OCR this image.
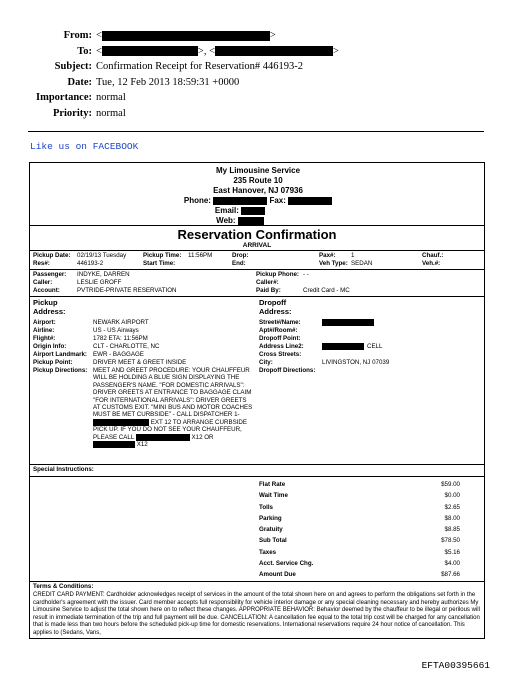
From: <	>
To: <	>, <	>
Subject: Confirmation Receipt for Reservation# 446193-2
Date: Tue, 12 Feb 2013 18:59:31 +0000
Importance: normal
Priority: normal
Like us on FACEBOOK
My Limousine Service
235 Route 10
East Hanover, NJ 07936
Phone:	Fax:
Email:
Web:
Reservation Confirmation
ARRIVAL
Pickup Date: 02/19/13 Tuesday	Pickup Time: 11:56PM	Drop:	Pax#: 1	Chauf.:
Res#:	446193-2	Start Time:	End:	Veh Type: SEDAN	Veh.#:
Passenger: INDYKE, DARREN	Pickup Phone: - -
Caller:	LESLIE GROFF	Caller#:
Account:	PVTRIDE-PRIVATE RESERVATION	Paid By:	Credit Card - MC
Pickup
Address:
Airport:	NEWARK AIRPORT
Airline:	US - US Airways
Flight#:	1782 ETA: 11:56PM
Origin Info:	CLT - CHARLOTTE, NC
Airport Landmark: EWR - BAGGAGE
Pickup Point:	DRIVER MEET & GREET INSIDE
Pickup Directions: MEET AND GREET PROCEDURE: YOUR CHAUFFEUR WILL BE HOLDING A BLUE SIGN DISPLAYING THE PASSENGER'S NAME. "FOR DOMESTIC ARRIVALS": DRIVER GREETS AT ENTRANCE TO BAGGAGE CLAIM "FOR INTERNATIONAL ARRIVALS": DRIVER GREETS AT CUSTOMS EXIT. "MINI BUS AND MOTOR COACHES MUST BE MET CURBSIDE" - CALL DISPATCHER 1- EXT 12 TO ARRANGE CURBSIDE PICK UP. IF YOU DO NOT SEE YOUR CHAUFFEUR, PLEASE CALL	X12 OR
X12
Dropoff
Address:
Street#/Name:
Apt#/Room#:
Dropoff Point:
Address Line2:	CELL
Cross Streets:
City:	LIVINGSTON, NJ 07039
Dropoff Directions:
Special Instructions:
Flat Rate	$59.00
Wait Time	$0.00
Tolls	$2.65
Parking	$8.00
Gratuity	$8.85
Sub Total	$78.50
Taxes	$5.16
Acct. Service Chg.	$4.00
Amount Due	$87.66
Terms & Conditions:
CREDIT CARD PAYMENT: Cardholder acknowledges receipt of services in the amount of the total shown here on and agrees to perform the obligations set forth in the cardholder's agreement with the issuer. Card member accepts full responsibility for vehicle interior damage or any special cleaning necessary and hereby authorizes My Limousine Service to adjust the total shown here on to reflect these changes. APPROPRIATE BEHAVIOR: Behavior deemed by the chauffeur to be illegal or perilous will result in immediate termination of the trip and full payment will be due. CANCELLATION: A cancellation fee equal to the total trip cost will be charged for any cancellation that is made less than two hours before the scheduled pick-up time for domestic reservations. International reservations require 24 hour notice of cancellation. This applies to (Sedans, Vans,
EFTA00395661
